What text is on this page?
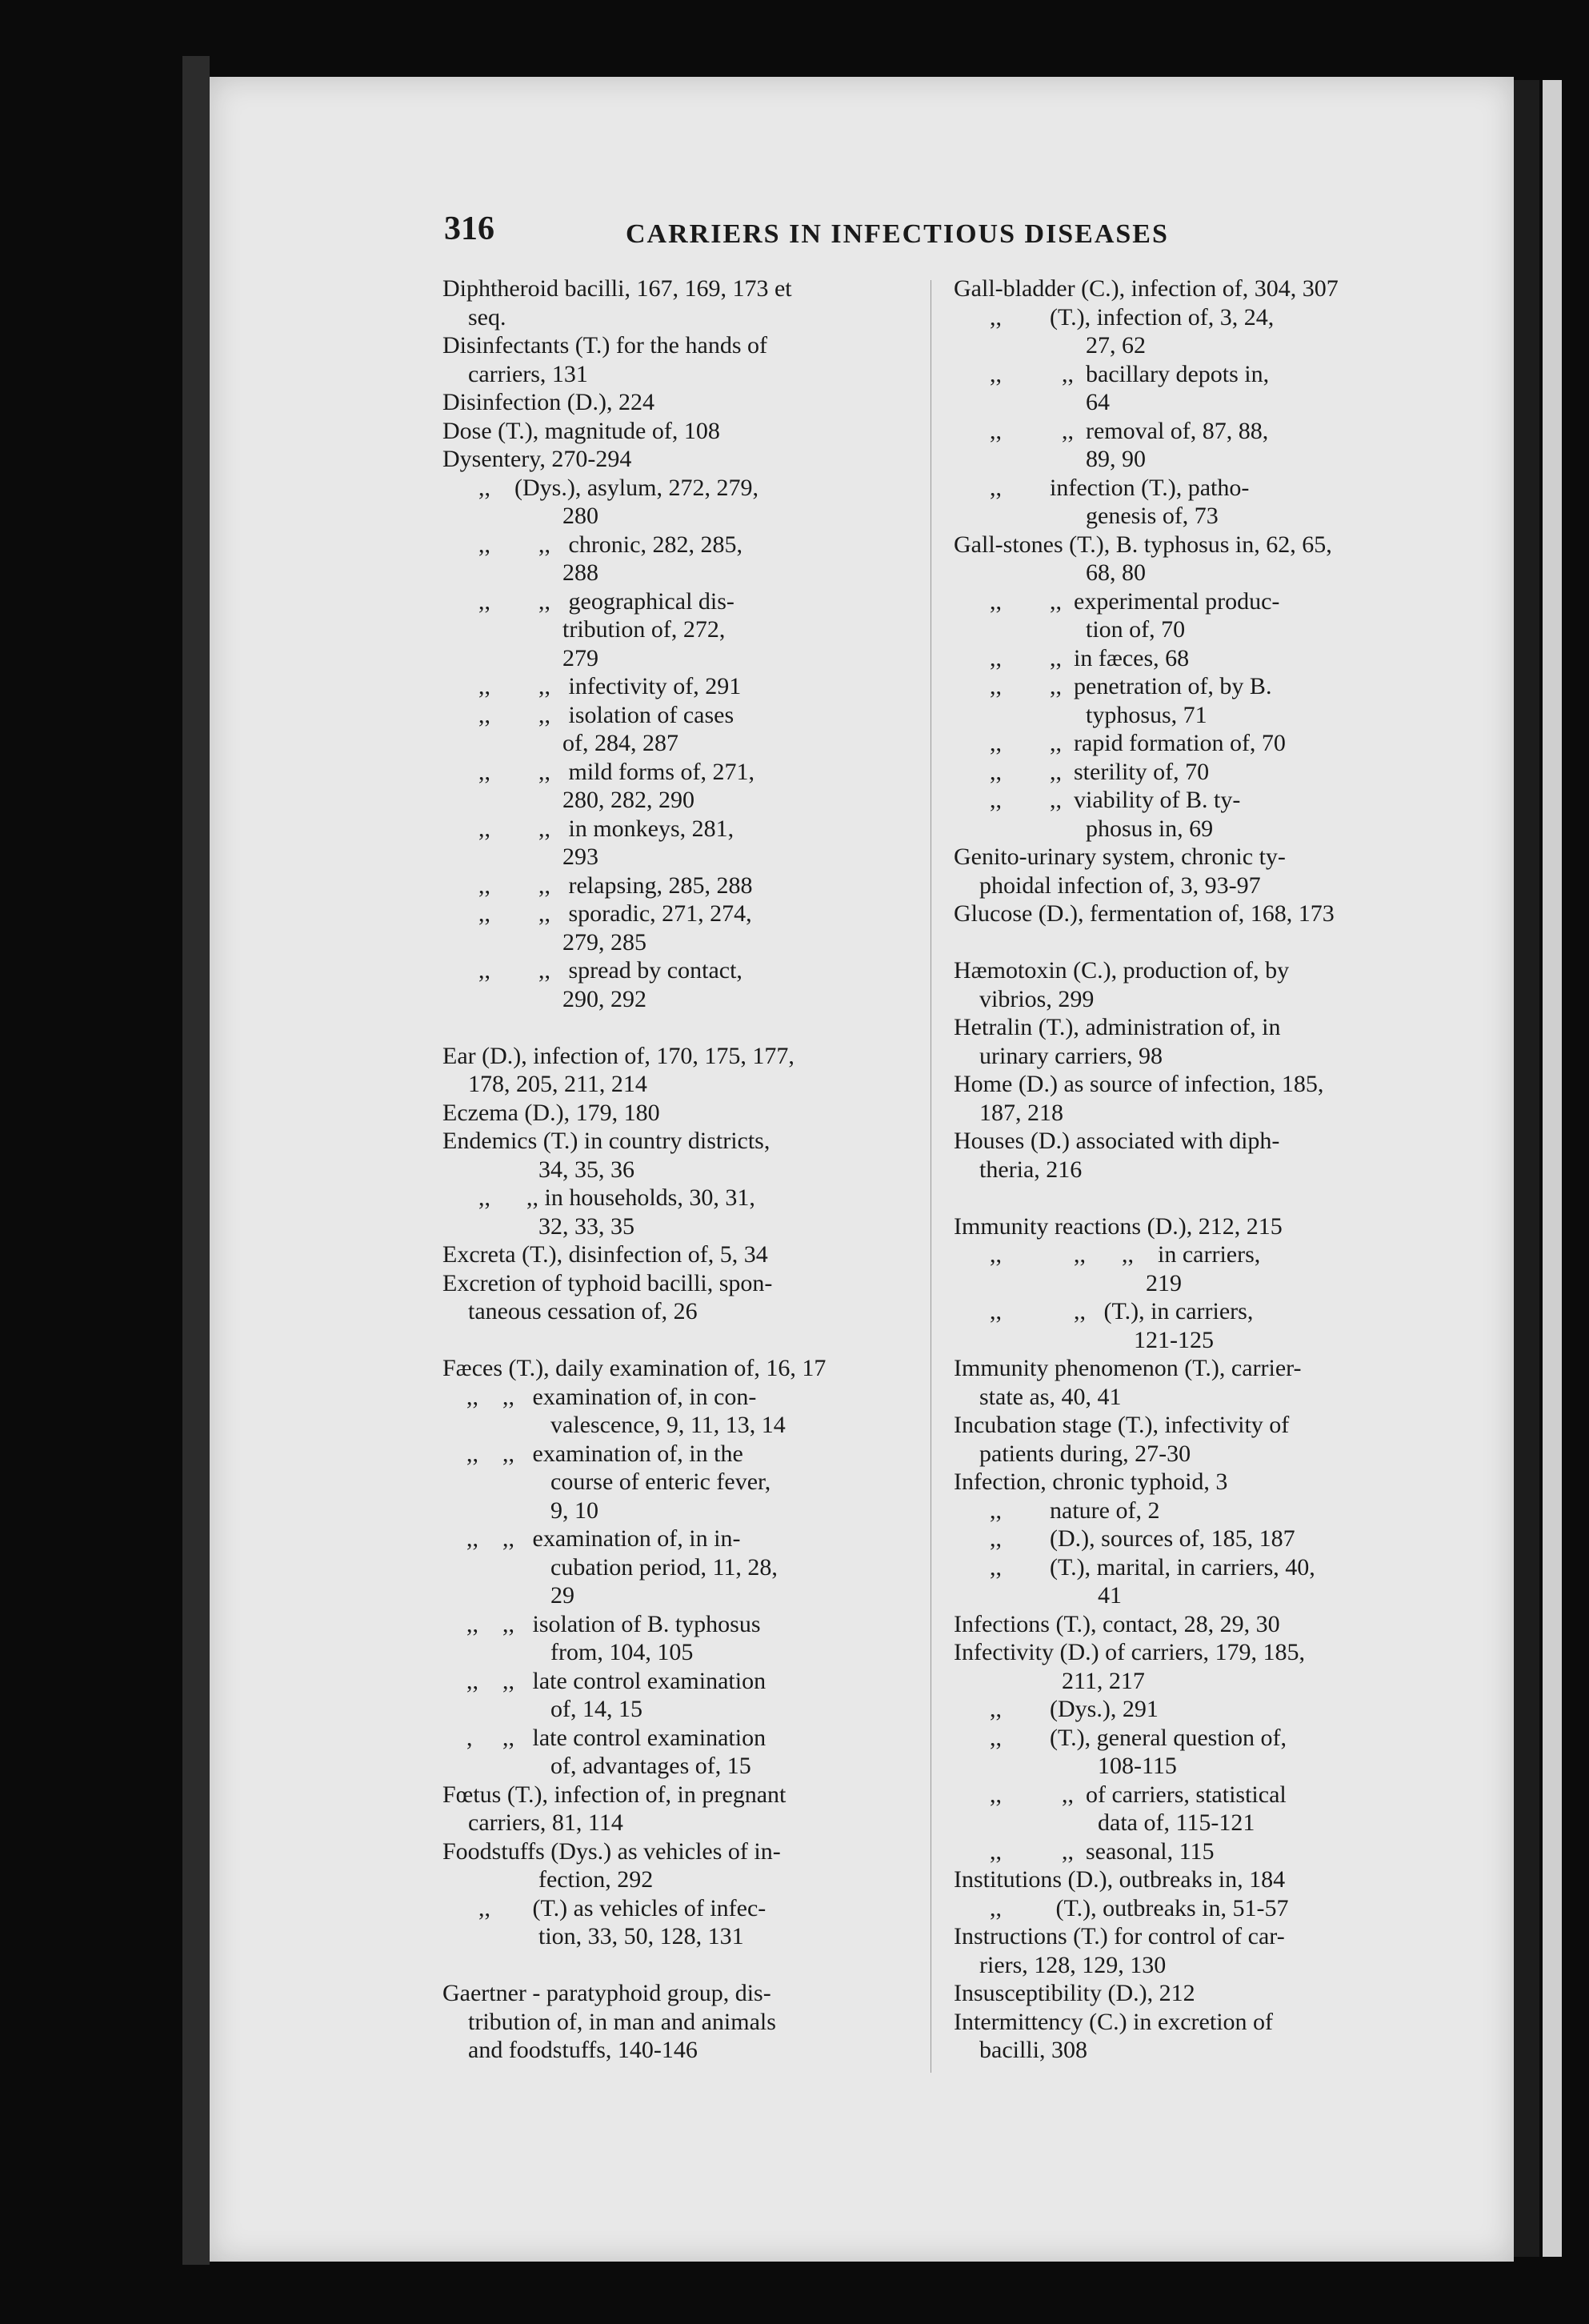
316	CARRIERS IN INFECTIOUS DISEASES
Diphtheroid bacilli, 167, 169, 173 et
seq.
Disinfectants (T.) for the hands of
carriers, 131
Disinfection (D.), 224
Dose (T.), magnitude of, 108
Dysentery, 270-294
,,    (Dys.), asylum, 272, 279,
280
,,        ,,   chronic, 282, 285,
288
,,        ,,   geographical dis-
tribution of, 272,
279
,,        ,,   infectivity of, 291
,,        ,,   isolation of cases
of, 284, 287
,,        ,,   mild forms of, 271,
280, 282, 290
,,        ,,   in monkeys, 281,
293
,,        ,,   relapsing, 285, 288
,,        ,,   sporadic, 271, 274,
279, 285
,,        ,,   spread by contact,
290, 292
Ear (D.), infection of, 170, 175, 177,
178, 205, 211, 214
Eczema (D.), 179, 180
Endemics (T.) in country districts,
34, 35, 36
,,      ,, in households, 30, 31,
32, 33, 35
Excreta (T.), disinfection of, 5, 34
Excretion of typhoid bacilli, spon-
taneous cessation of, 26
Fæces (T.), daily examination of, 16, 17
,,    ,,   examination of, in con-
valescence, 9, 11, 13, 14
,,    ,,   examination of, in the
course of enteric fever,
9, 10
,,    ,,   examination of, in in-
cubation period, 11, 28,
29
,,    ,,   isolation of B. typhosus
from, 104, 105
,,    ,,   late control examination
of, 14, 15
,     ,,   late control examination
of, advantages of, 15
Fœtus (T.), infection of, in pregnant
carriers, 81, 114
Foodstuffs (Dys.) as vehicles of in-
fection, 292
,,       (T.) as vehicles of infec-
tion, 33, 50, 128, 131
Gaertner - paratyphoid group, dis-
tribution of, in man and animals
and foodstuffs, 140-146
Gall-bladder (C.), infection of, 304, 307
,,        (T.), infection of, 3, 24,
27, 62
,,          ,,  bacillary depots in,
64
,,          ,,  removal of, 87, 88,
89, 90
,,        infection (T.), patho-
genesis of, 73
Gall-stones (T.), B. typhosus in, 62, 65,
68, 80
,,        ,,  experimental produc-
tion of, 70
,,        ,,  in fæces, 68
,,        ,,  penetration of, by B.
typhosus, 71
,,        ,,  rapid formation of, 70
,,        ,,  sterility of, 70
,,        ,,  viability of B. ty-
phosus in, 69
Genito-urinary system, chronic ty-
phoidal infection of, 3, 93-97
Glucose (D.), fermentation of, 168, 173
Hæmotoxin (C.), production of, by
vibrios, 299
Hetralin (T.), administration of, in
urinary carriers, 98
Home (D.) as source of infection, 185,
187, 218
Houses (D.) associated with diph-
theria, 216
Immunity reactions (D.), 212, 215
,,            ,,      ,,    in carriers,
219
,,            ,,   (T.), in carriers,
121-125
Immunity phenomenon (T.), carrier-
state as, 40, 41
Incubation stage (T.), infectivity of
patients during, 27-30
Infection, chronic typhoid, 3
,,        nature of, 2
,,        (D.), sources of, 185, 187
,,        (T.), marital, in carriers, 40,
41
Infections (T.), contact, 28, 29, 30
Infectivity (D.) of carriers, 179, 185,
211, 217
,,        (Dys.), 291
,,        (T.), general question of,
108-115
,,          ,,  of carriers, statistical
data of, 115-121
,,          ,,  seasonal, 115
Institutions (D.), outbreaks in, 184
,,         (T.), outbreaks in, 51-57
Instructions (T.) for control of car-
riers, 128, 129, 130
Insusceptibility (D.), 212
Intermittency (C.) in excretion of
bacilli, 308
